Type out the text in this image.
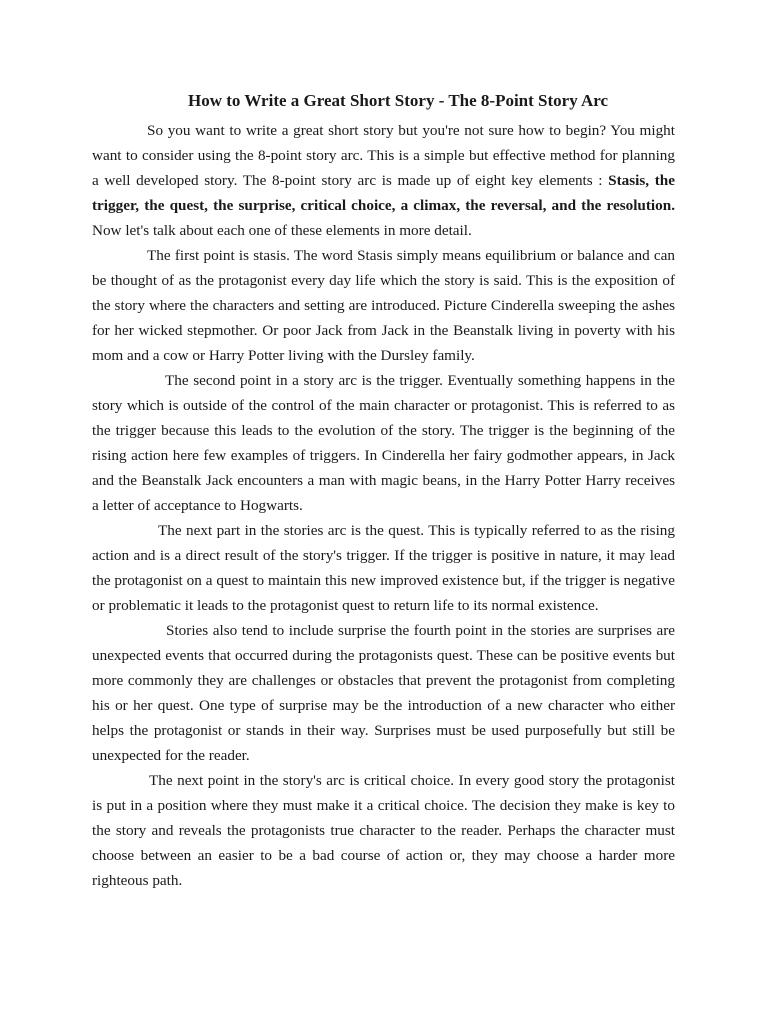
How to Write a Great Short Story - The 8-Point Story Arc

So you want to write a great short story but you're not sure how to begin? You might want to consider using the 8-point story arc. This is a simple but effective method for planning a well developed story. The 8-point story arc is made up of eight key elements : Stasis, the trigger, the quest, the surprise, critical choice, a climax, the reversal, and the resolution. Now let's talk about each one of these elements in more detail.

The first point is stasis. The word Stasis simply means equilibrium or balance and can be thought of as the protagonist every day life which the story is said. This is the exposition of the story where the characters and setting are introduced. Picture Cinderella sweeping the ashes for her wicked stepmother. Or poor Jack from Jack in the Beanstalk living in poverty with his mom and a cow or Harry Potter living with the Dursley family.

The second point in a story arc is the trigger. Eventually something happens in the story which is outside of the control of the main character or protagonist. This is referred to as the trigger because this leads to the evolution of the story. The trigger is the beginning of the rising action here few examples of triggers. In Cinderella her fairy godmother appears, in Jack and the Beanstalk Jack encounters a man with magic beans, in the Harry Potter Harry receives a letter of acceptance to Hogwarts.

The next part in the stories arc is the quest. This is typically referred to as the rising action and is a direct result of the story's trigger. If the trigger is positive in nature, it may lead the protagonist on a quest to maintain this new improved existence but, if the trigger is negative or problematic it leads to the protagonist quest to return life to its normal existence.

Stories also tend to include surprise the fourth point in the stories are surprises are unexpected events that occurred during the protagonists quest. These can be positive events but more commonly they are challenges or obstacles that prevent the protagonist from completing his or her quest. One type of surprise may be the introduction of a new character who either helps the protagonist or stands in their way. Surprises must be used purposefully but still be unexpected for the reader.

The next point in the story's arc is critical choice. In every good story the protagonist is put in a position where they must make it a critical choice. The decision they make is key to the story and reveals the protagonists true character to the reader. Perhaps the character must choose between an easier to be a bad course of action or, they may choose a harder more righteous path.
